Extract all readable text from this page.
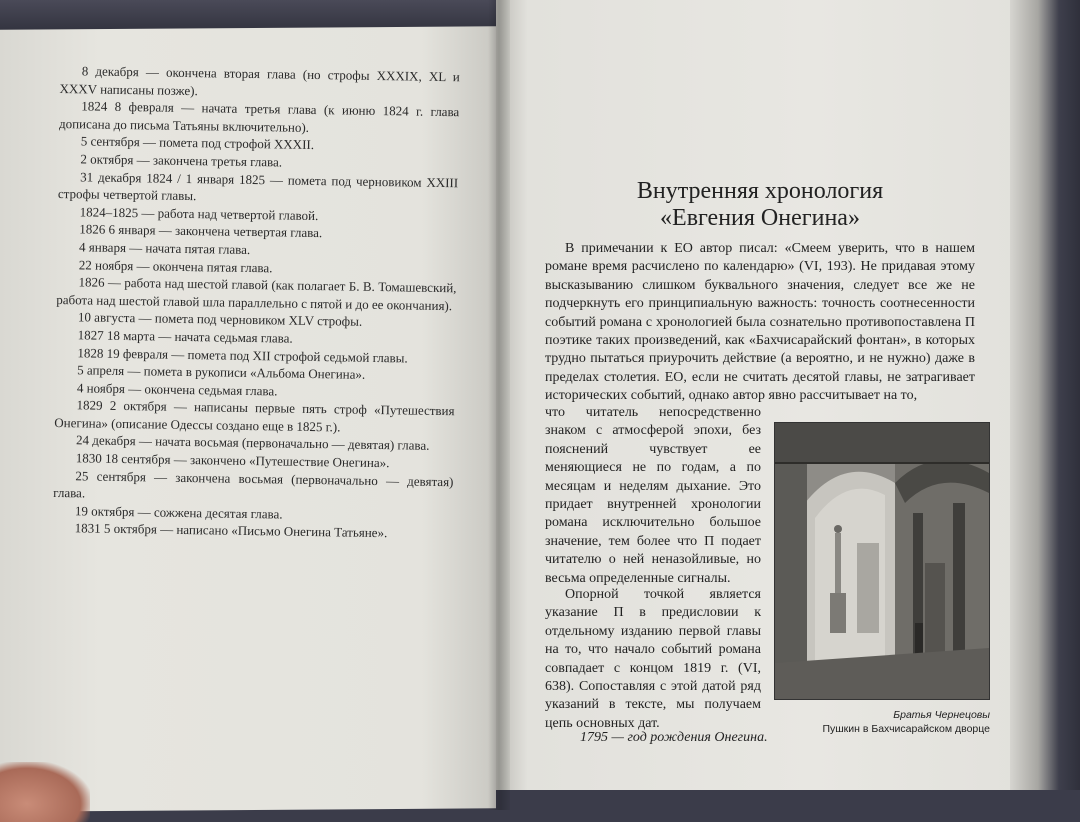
8 декабря — окончена вторая глава (но строфы XXXIX, XL и XXXV написаны позже).

1824 8 февраля — начата третья глава (к июню 1824 г. глава дописана до письма Татьяны включительно).

5 сентября — помета под строфой XXXII.

2 октября — закончена третья глава.

31 декабря 1824 / 1 января 1825 — помета под черновиком XXIII строфы четвертой главы.

1824–1825 — работа над четвертой главой.

1826 6 января — закончена четвертая глава.

4 января — начата пятая глава.

22 ноября — окончена пятая глава.

1826 — работа над шестой главой (как полагает Б. В. Томашевский, работа над шестой главой шла параллельно с пятой и до ее окончания).

10 августа — помета под черновиком XLV строфы.

1827 18 марта — начата седьмая глава.

1828 19 февраля — помета под XII строфой седьмой главы.

5 апреля — помета в рукописи «Альбома Онегина».

4 ноября — окончена седьмая глава.

1829 2 октября — написаны первые пять строф «Путешествия Онегина» (описание Одессы создано еще в 1825 г.).

24 декабря — начата восьмая (первоначально — девятая) глава.

1830 18 сентября — закончено «Путешествие Онегина».

25 сентября — закончена восьмая (первоначально — девятая) глава.

19 октября — сожжена десятая глава.

1831 5 октября — написано «Письмо Онегина Татьяне».

Внутренняя хронология
«Евгения Онегина»

В примечании к ЕО автор писал: «Смеем уверить, что в нашем романе время расчислено по календарю» (VI, 193). Не придавая этому высказыванию слишком буквального значения, следует все же не подчеркнуть его принципиальную важность: точность соотнесенности событий романа с хронологией была сознательно противопоставлена П поэтике таких произведений, как «Бахчисарайский фонтан», в которых трудно пытаться приурочить действие (а вероятно, и не нужно) даже в пределах столетия. ЕО, если не считать десятой главы, не затрагивает исторических событий, однако автор явно рассчитывает на то,

что читатель непосредственно знаком с атмосферой эпохи, без пояснений чувствует ее меняющиеся не по годам, а по месяцам и неделям дыхание. Это придает внутренней хронологии романа исключительно большое значение, тем более что П подает читателю о ней неназойливые, но весьма определенные сигналы.

Опорной точкой является указание П в предисловии к отдельному изданию первой главы на то, что начало событий романа совпадает с концом 1819 г. (VI, 638). Сопоставляя с этой датой ряд указаний в тексте, мы получаем цепь основных дат.

1795 — год рождения Онегина.
Братья Чернецовы
Пушкин в Бахчисарайском дворце
